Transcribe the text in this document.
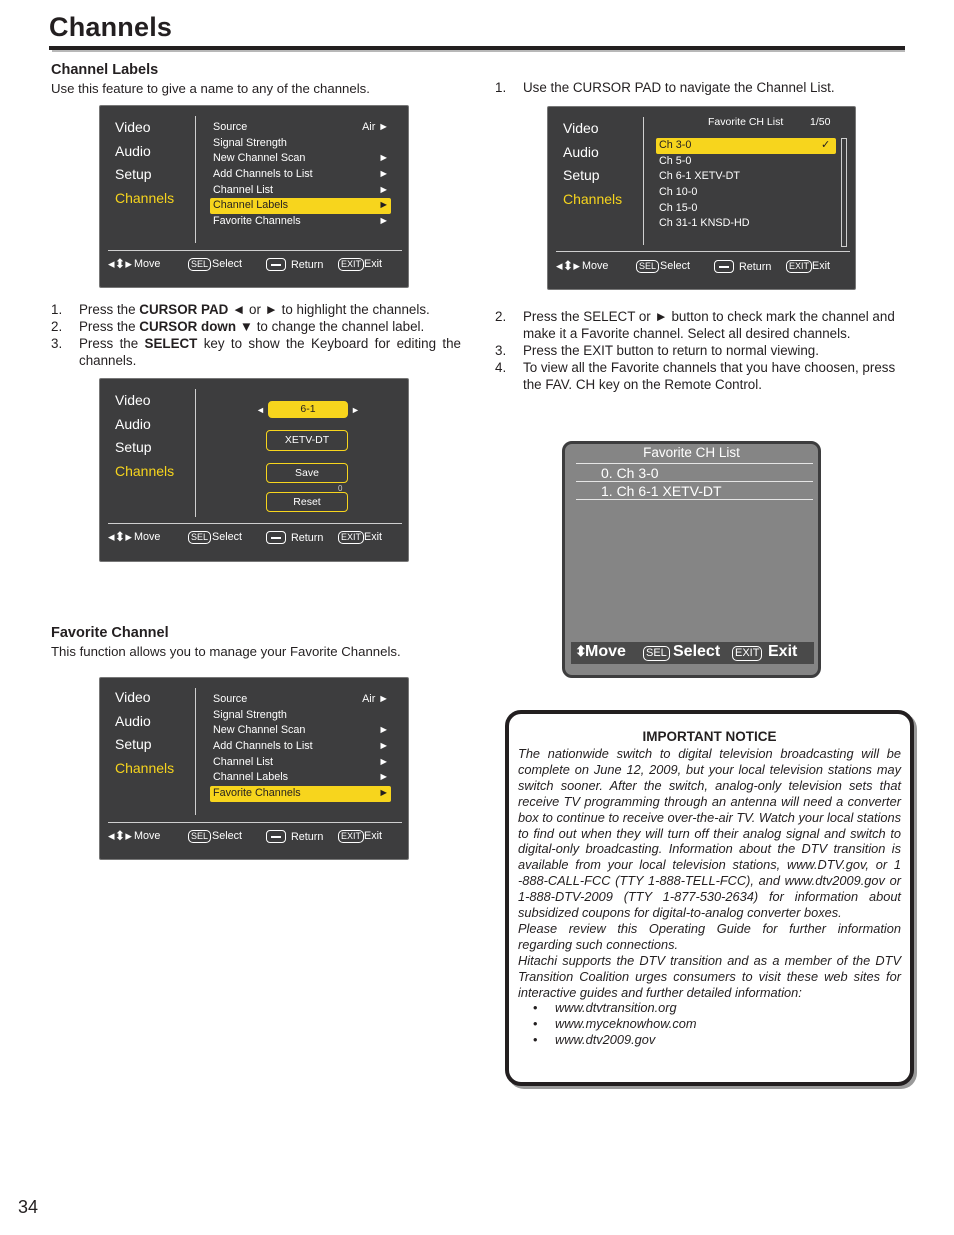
Channels
Channel Labels
Use this feature to give a name to any of the channels.
Video
Audio
Setup
Channels
Source	Air ►
Signal Strength
New Channel Scan	►
Add Channels to List	►
Channel List	►
Channel Labels	►
Favorite Channels	►
◂⬍▸ Move	SEL Select	Return	EXIT Exit
1. Press the CURSOR PAD ◄ or ► to highlight the channels.
2. Press the CURSOR down ▼ to change the channel label.
3. Press the SELECT key to show the Keyboard for editing the channels.
Video
Audio
Setup
Channels
◄	6-1	►
XETV-DT
Save
Reset
0
◂⬍▸ Move	SEL Select	Return	EXIT Exit
Favorite Channel
This function allows you to manage your Favorite Channels.
Video
Audio
Setup
Channels
Source	Air ►
Signal Strength
New Channel Scan	►
Add Channels to List	►
Channel List	►
Channel Labels	►
Favorite Channels	►
◂⬍▸ Move	SEL Select	Return	EXIT Exit
1. Use the CURSOR PAD to navigate the Channel List.
Video
Audio
Setup
Channels
Favorite CH List	1/50
Ch 3-0	✓
Ch 5-0
Ch 6-1 XETV-DT
Ch 10-0
Ch 15-0
Ch 31-1 KNSD-HD
◂⬍▸ Move	SEL Select	Return	EXIT Exit
2. Press the SELECT or ► button to check mark the channel and make it a Favorite channel. Select all desired channels.
3. Press the EXIT button to return to normal viewing.
4. To view all the Favorite channels that you have choosen, press the FAV. CH key on the Remote Control.
Favorite CH List
0. Ch 3-0
1. Ch 6-1 XETV-DT
⬍
Move SEL Select EXIT Exit
IMPORTANT NOTICE

The nationwide switch to digital television broadcasting will be complete on June 12, 2009, but your local television stations may switch sooner. After the switch, analog-only television sets that receive TV programming through an antenna will need a converter box to continue to receive over-the-air TV. Watch your local stations to find out when they will turn off their analog signal and switch to digital-only broadcasting. Information about the DTV transition is available from your local television stations, www.DTV.gov, or 1 -888-CALL-FCC (TTY 1-888-TELL-FCC), and www.dtv2009.gov or 1-888-DTV-2009 (TTY 1-877-530-2634) for information about subsidized coupons for digital-to-analog converter boxes.

Please review this Operating Guide for further information regarding such connections.

Hitachi supports the DTV transition and as a member of the DTV Transition Coalition urges consumers to visit these web sites for interactive guides and further detailed information:

• www.dtvtransition.org
• www.myceknowhow.com
• www.dtv2009.gov
34
